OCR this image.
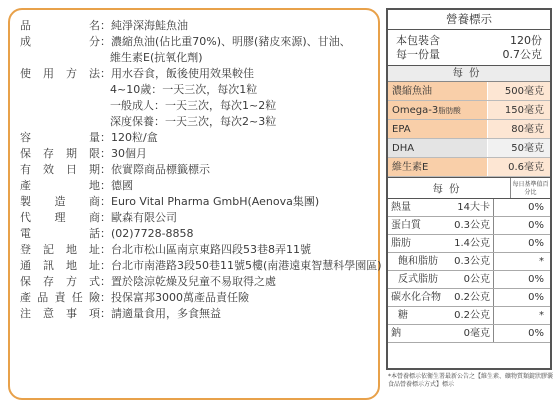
品	名 ： 純淨深海鮭魚油
成	分 ： 濃縮魚油(佔比重70%)、明膠(豬皮來源)、甘油、
維生素E(抗氧化劑)
使 用 方 法 ： 用水吞食，飯後使用效果較佳
4~10歲：一天三次，每次1粒
一般成人：一天三次，每次1~2粒
深度保養：一天三次，每次2~3粒
容	量 ： 120粒/盒
保 存 期 限 ： 30個月
有 效 日 期 ： 依實際商品標籤標示
產	地 ： 德國
製 造 商 ： Euro Vital Pharma GmbH(Aenova集團)
代 理 商 ： 歐森有限公司
電	話 ： (02)7728-8858
登 記 地 址 ： 台北市松山區南京東路四段53巷8弄11號
通 訊 地 址 ： 台北市南港路3段50巷11號5樓(南港遠東智慧科學園區)
保 存 方 式 ： 置於陰涼乾燥及兒童不易取得之處
產 品 責 任 險 ： 投保富邦3000萬產品責任險
注 意 事 項 ： 請適量食用，多食無益
營養標示
本包裝含	120份
每一份量	0.7公克
每份
濃縮魚油	500毫克
Omega-3脂肪酸	150毫克
EPA	80毫克
DHA	50毫克
維生素E	0.6毫克
每份	每日基準值百分比
熱量	14大卡	0%
蛋白質	0.3公克	0%
脂肪	1.4公克	0%
飽和脂肪	0.3公克	*
反式脂肪	0公克	0%
碳水化合物	0.2公克	0%
糖	0.2公克	*
鈉	0毫克	0%
*本營養標示依衛生署最新公告之【維生素、礦物質類錠狀膠囊食品營養標示方式】標示
